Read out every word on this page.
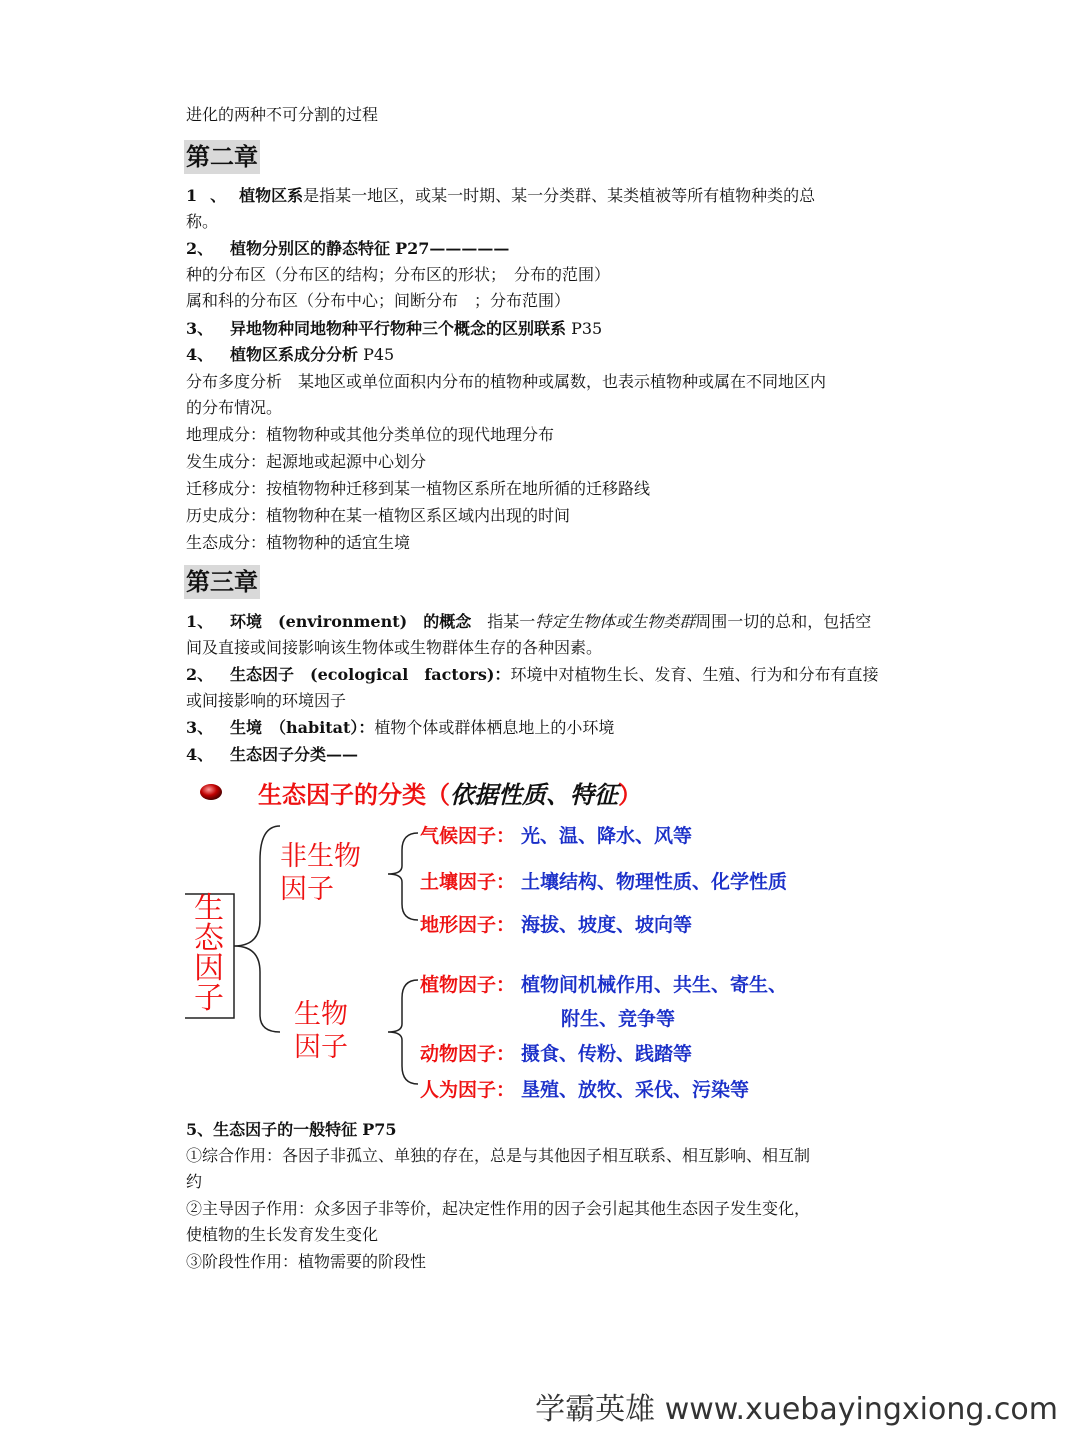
进化的两种不可分割的过程
第二章
1 、 植物区系是指某一地区，或某一时期、某一分类群、某类植被等所有植物种类的总
称。
2、 植物分别区的静态特征 P27—————
种的分布区（分布区的结构；分布区的形状；　分布的范围）
属和科的分布区（分布中心；间断分布　；分布范围）
3、 异地物种同地物种平行物种三个概念的区别联系 P35
4、 植物区系成分分析 P45
分布多度分析　某地区或单位面积内分布的植物种或属数，也表示植物种或属在不同地区内
的分布情况。
地理成分：植物物种或其他分类单位的现代地理分布
发生成分：起源地或起源中心划分
迁移成分：按植物物种迁移到某一植物区系所在地所循的迁移路线
历史成分：植物物种在某一植物区系区域内出现的时间
生态成分：植物物种的适宜生境
第三章
1、 环境　(environment)　的概念　指某一特定生物体或生物类群周围一切的总和，包括空
间及直接或间接影响该生物体或生物群体生存的各种因素。
2、 生态因子　(ecological　factors)：环境中对植物生长、发育、生殖、行为和分布有直接
或间接影响的环境因子
3、 生境　（habitat）：植物个体或群体栖息地上的小环境
4、 生态因子分类——
生态因子的分类（依据性质、特征）
生
态
因
子
非生物
因子
生物
因子
气候因子： 光、温、降水、风等
土壤因子： 土壤结构、物理性质、化学性质
地形因子： 海拔、坡度、坡向等
植物因子： 植物间机械作用、共生、寄生、
附生、竞争等
动物因子： 摄食、传粉、践踏等
人为因子： 垦殖、放牧、采伐、污染等
5、生态因子的一般特征 P75
①综合作用：各因子非孤立、单独的存在，总是与其他因子相互联系、相互影响、相互制
约
②主导因子作用：众多因子非等价，起决定性作用的因子会引起其他生态因子发生变化，
使植物的生长发育发生变化
③阶段性作用：植物需要的阶段性
学霸英雄 www.xuebayingxiong.com
